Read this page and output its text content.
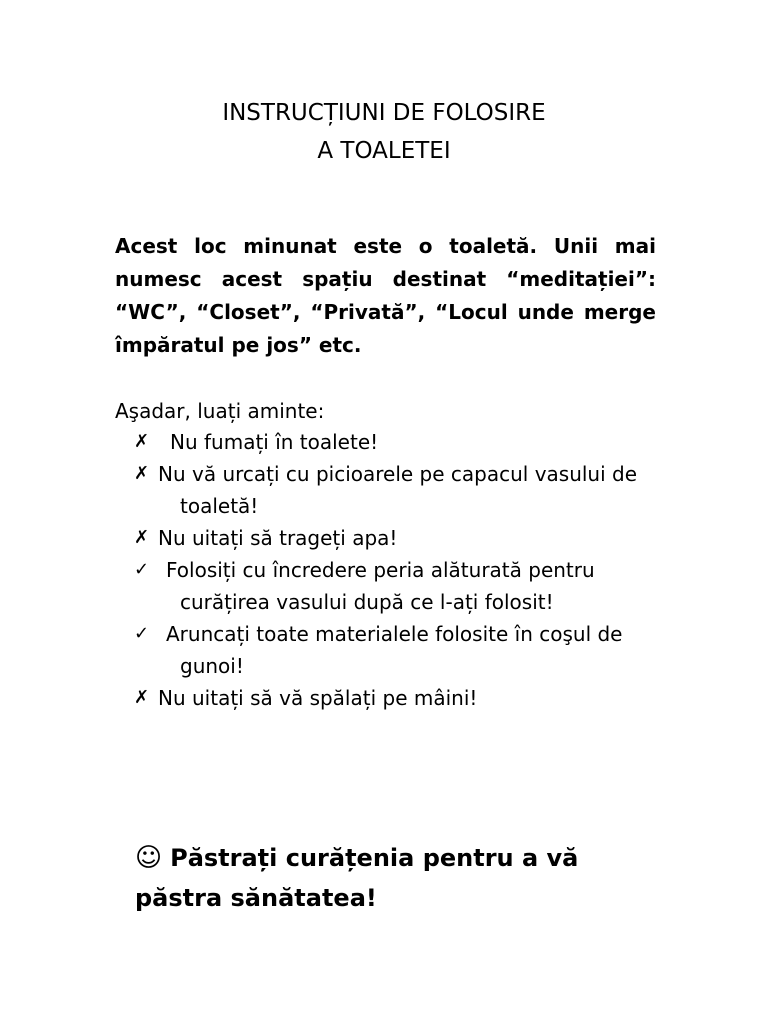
INSTRUCȚIUNI DE FOLOSIRE
A TOALETEI
Acest loc minunat este o toaletă. Unii mai numesc acest spațiu destinat “meditației”: “WC”, “Closet”, “Privată”, “Locul unde merge împăratul pe jos” etc.
Aşadar, luați aminte:
✗	Nu fumați în toalete!
✗ Nu vă urcați cu picioarele pe capacul vasului de
toaletă!
✗ Nu uitați să trageți apa!
✓ Folosiți cu încredere peria alăturată pentru
curățirea vasului după ce l-ați folosit!
✓ Aruncați toate materialele folosite în coşul de
gunoi!
✗ Nu uitați să vă spălați pe mâini!
☺ Păstrați curățenia pentru a vă păstra sănătatea!
